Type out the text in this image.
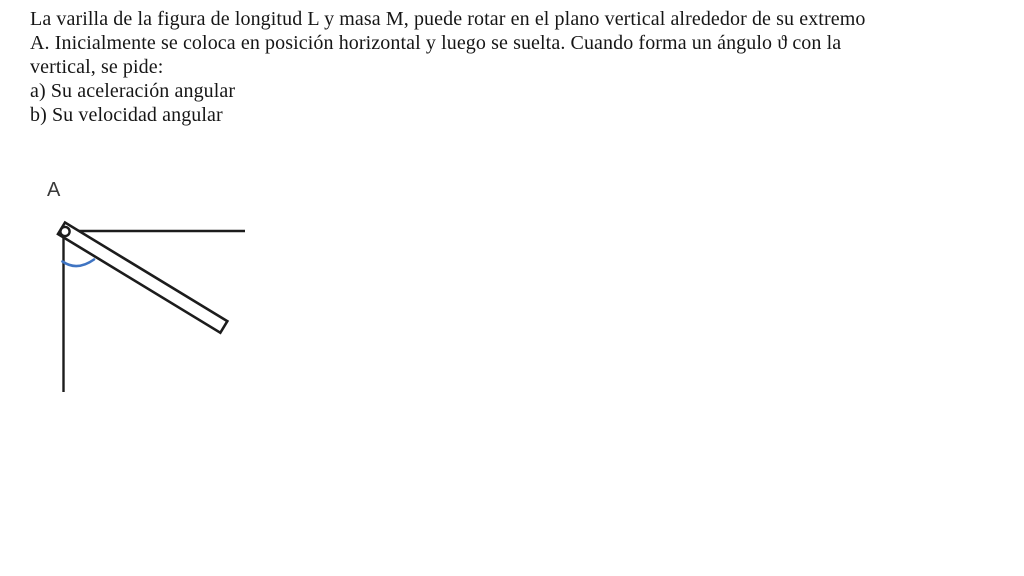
La varilla de la figura de longitud L y masa M, puede rotar en el plano vertical alrededor de su extremo
A. Inicialmente se coloca en posición horizontal y luego se suelta. Cuando forma un ángulo ϑ con la
vertical, se pide:
a) Su aceleración angular
b) Su velocidad angular
A
